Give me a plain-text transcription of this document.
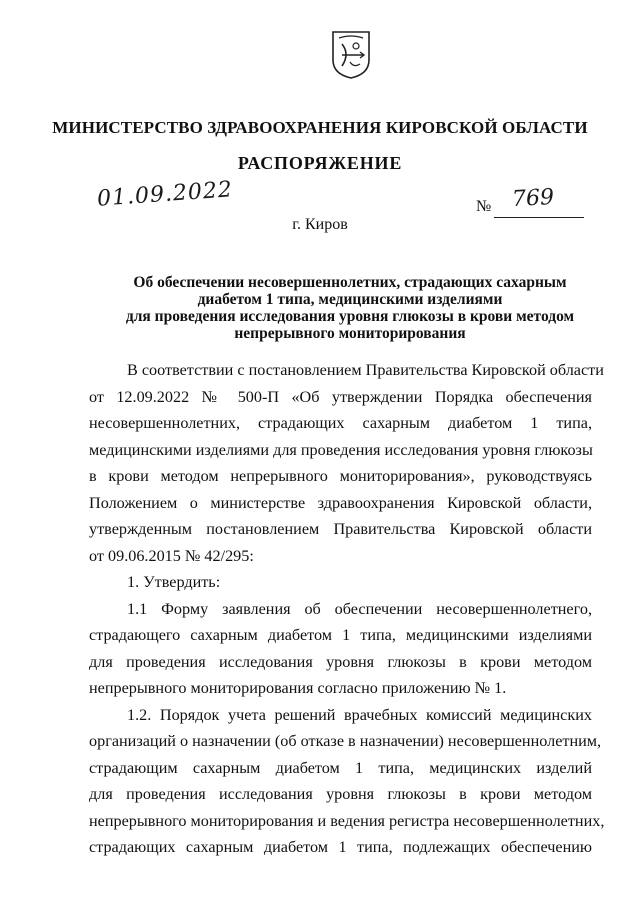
МИНИСТЕРСТВО ЗДРАВООХРАНЕНИЯ КИРОВСКОЙ ОБЛАСТИ
РАСПОРЯЖЕНИЕ
01.09.2022	№ 769
г. Киров
Об обеспечении несовершеннолетних, страдающих сахарным
диабетом 1 типа, медицинскими изделиями
для проведения исследования уровня глюкозы в крови методом
непрерывного мониторирования
В соответствии с постановлением Правительства Кировской области
от 12.09.2022 № 500-П «Об утверждении Порядка обеспечения
несовершеннолетних, страдающих сахарным диабетом 1 типа,
медицинскими изделиями для проведения исследования уровня глюкозы
в крови методом непрерывного мониторирования», руководствуясь
Положением о министерстве здравоохранения Кировской области,
утвержденным постановлением Правительства Кировской области
от 09.06.2015 № 42/295:
1. Утвердить:
1.1 Форму заявления об обеспечении несовершеннолетнего,
страдающего сахарным диабетом 1 типа, медицинскими изделиями
для проведения исследования уровня глюкозы в крови методом
непрерывного мониторирования согласно приложению № 1.
1.2. Порядок учета решений врачебных комиссий медицинских
организаций о назначении (об отказе в назначении) несовершеннолетним,
страдающим сахарным диабетом 1 типа, медицинских изделий
для проведения исследования уровня глюкозы в крови методом
непрерывного мониторирования и ведения регистра несовершеннолетних,
страдающих сахарным диабетом 1 типа, подлежащих обеспечению
